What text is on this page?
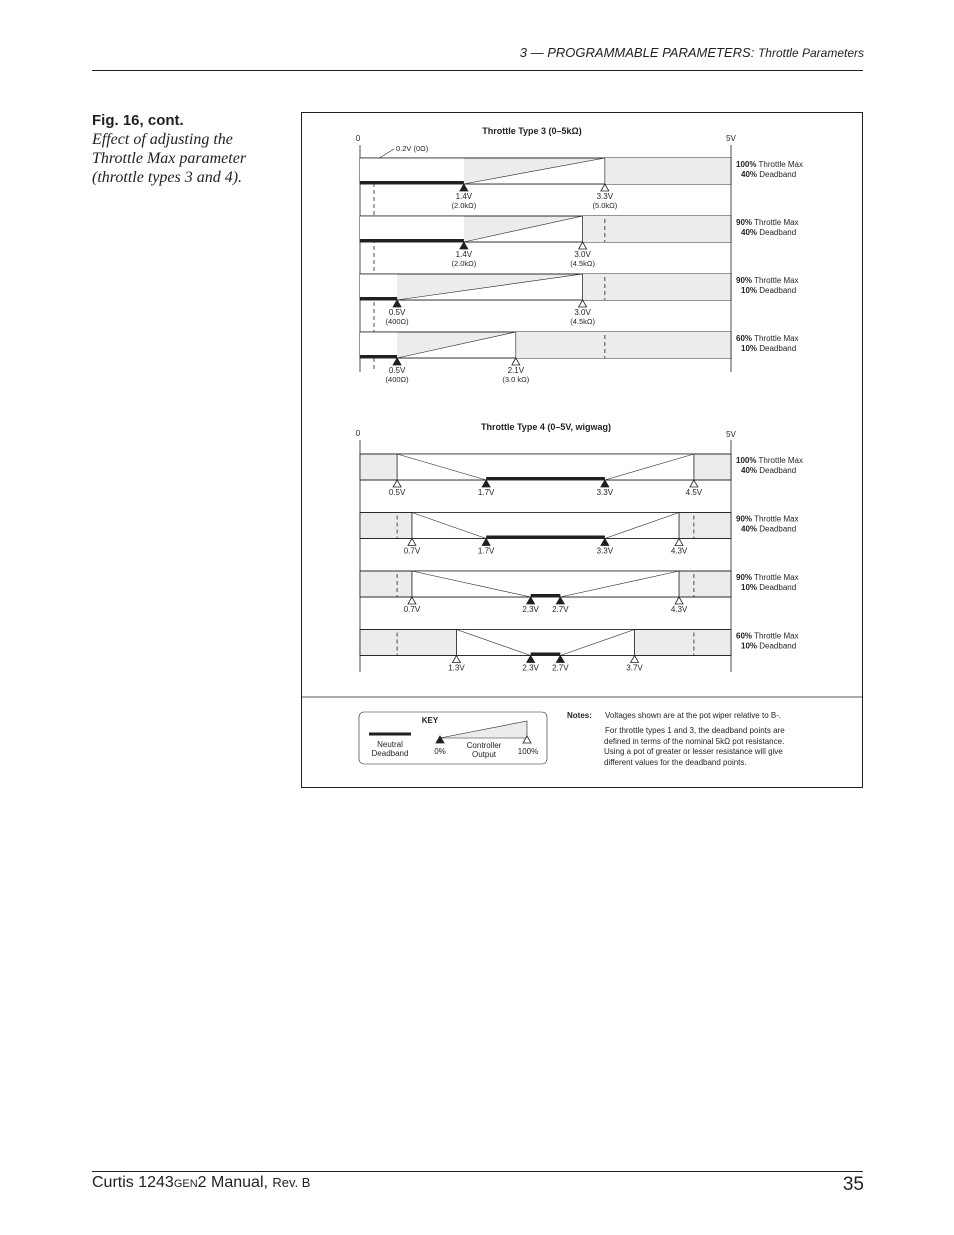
3 — PROGRAMMABLE PARAMETERS: Throttle Parameters
Fig. 16, cont.
Effect of adjusting the Throttle Max parameter (throttle types 3 and 4).
Throttle Type 3 (0–5kΩ)
0	5V
0.2V (0Ω)
1.4V
(2.0kΩ)
3.3V
(5.0kΩ)
100% Throttle Max
40% Deadband
1.4V
(2.0kΩ)
3.0V
(4.5kΩ)
90% Throttle Max
40% Deadband
0.5V
(400Ω)
3.0V
(4.5kΩ)
90% Throttle Max
10% Deadband
0.5V
(400Ω)
2.1V
(3.0 kΩ)
60% Throttle Max
10% Deadband
Throttle Type 4 (0–5V, wigwag)
0	5V
0.5V	1.7V	3.3V	4.5V
100% Throttle Max
40% Deadband
0.7V	1.7V	3.3V	4.3V
90% Throttle Max
40% Deadband
0.7V	2.3V 2.7V	4.3V
90% Throttle Max
10% Deadband
1.3V	2.3V 2.7V	3.7V
60% Throttle Max
10% Deadband
KEY
Neutral
Deadband	0%
Controller
Output	100%
Notes: Voltages shown are at the pot wiper relative to B-.
For throttle types 1 and 3, the deadband points are
defined in terms of the nominal 5kΩ pot resistance.
Using a pot of greater or lesser resistance will give
different values for the deadband points.
Curtis 1243GEN2 Manual, Rev. B	35
